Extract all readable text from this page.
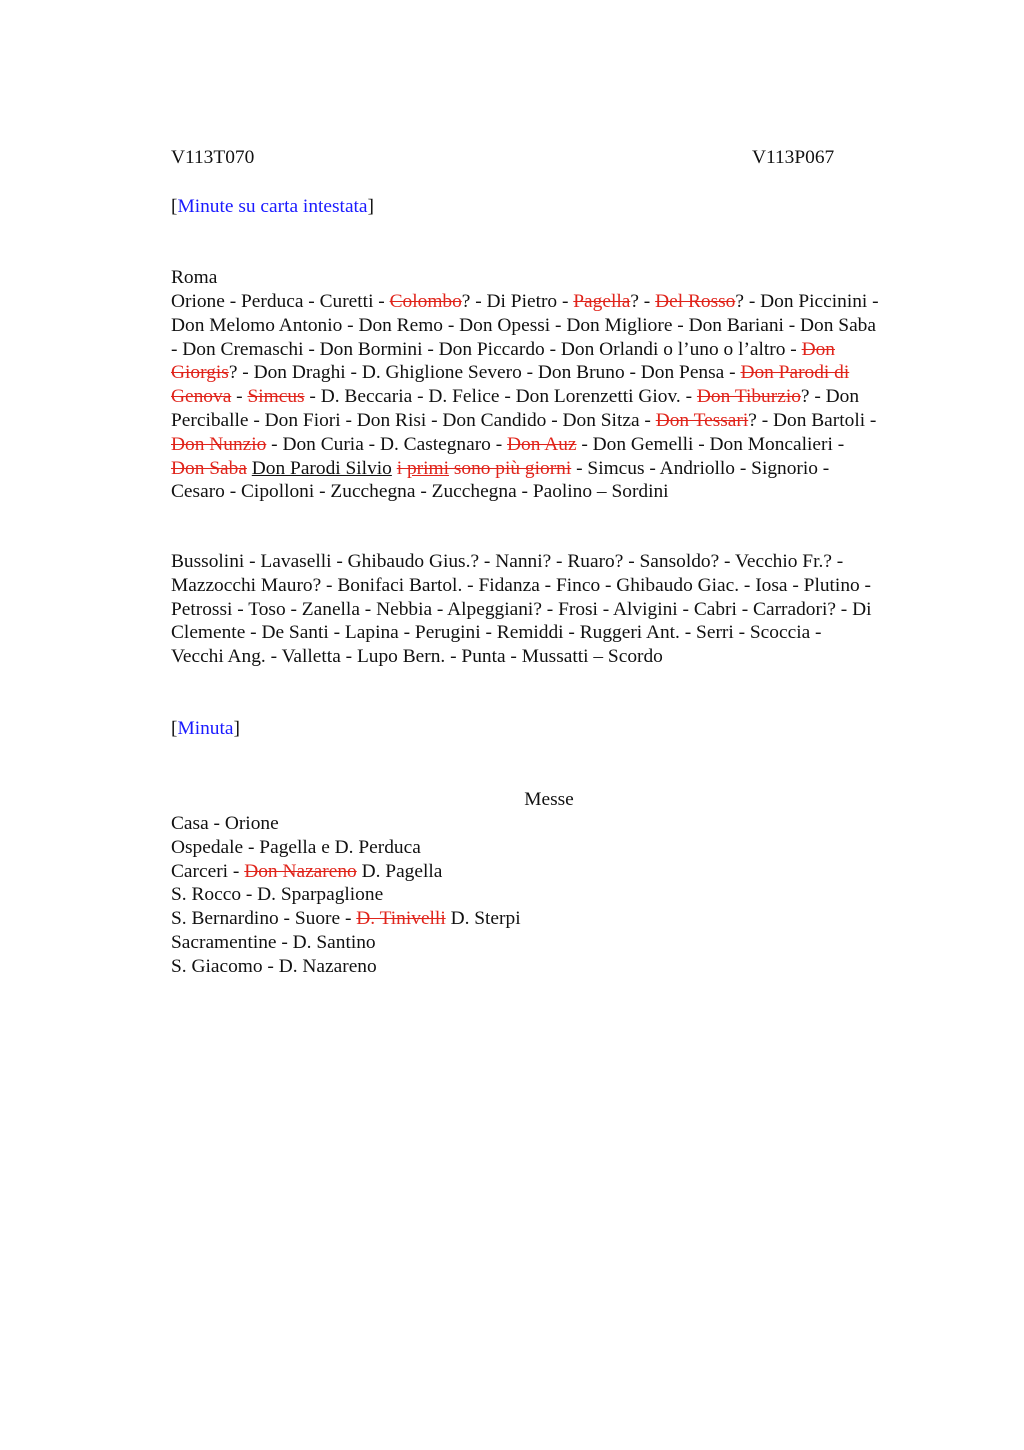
V113T070	V113P067
[Minute su carta intestata]
Roma
Orione - Perduca - Curetti - Colombo? - Di Pietro - Pagella? - Del Rosso? - Don Piccinini -
Don Melomo Antonio - Don Remo - Don Opessi - Don Migliore - Don Bariani - Don Saba
- Don Cremaschi - Don Bormini - Don Piccardo - Don Orlandi o l’uno o l’altro - Don
Giorgis? - Don Draghi - D. Ghiglione Severo - Don Bruno - Don Pensa - Don Parodi di
Genova - Simcus - D. Beccaria - D. Felice - Don Lorenzetti Giov. - Don Tiburzio? - Don
Perciballe - Don Fiori - Don Risi - Don Candido - Don Sitza - Don Tessari? - Don Bartoli -
Don Nunzio - Don Curia - D. Castegnaro - Don Auz - Don Gemelli - Don Moncalieri -
Don Saba Don Parodi Silvio i primi sono più giorni - Simcus - Andriollo - Signorio -
Cesaro - Cipolloni - Zucchegna - Zucchegna - Paolino – Sordini
Bussolini - Lavaselli - Ghibaudo Gius.? - Nanni? - Ruaro? - Sansoldo? - Vecchio Fr.? -
Mazzocchi Mauro? - Bonifaci Bartol. - Fidanza - Finco - Ghibaudo Giac. - Iosa - Plutino -
Petrossi - Toso - Zanella - Nebbia - Alpeggiani? - Frosi - Alvigini - Cabri - Carradori? - Di
Clemente - De Santi - Lapina - Perugini - Remiddi - Ruggeri Ant. - Serri - Scoccia -
Vecchi Ang. - Valletta - Lupo Bern. - Punta - Mussatti – Scordo
[Minuta]
Messe
Casa - Orione
Ospedale - Pagella e D. Perduca
Carceri - Don Nazareno D. Pagella
S. Rocco - D. Sparpaglione
S. Bernardino - Suore - D. Tinivelli D. Sterpi
Sacramentine - D. Santino
S. Giacomo - D. Nazareno
